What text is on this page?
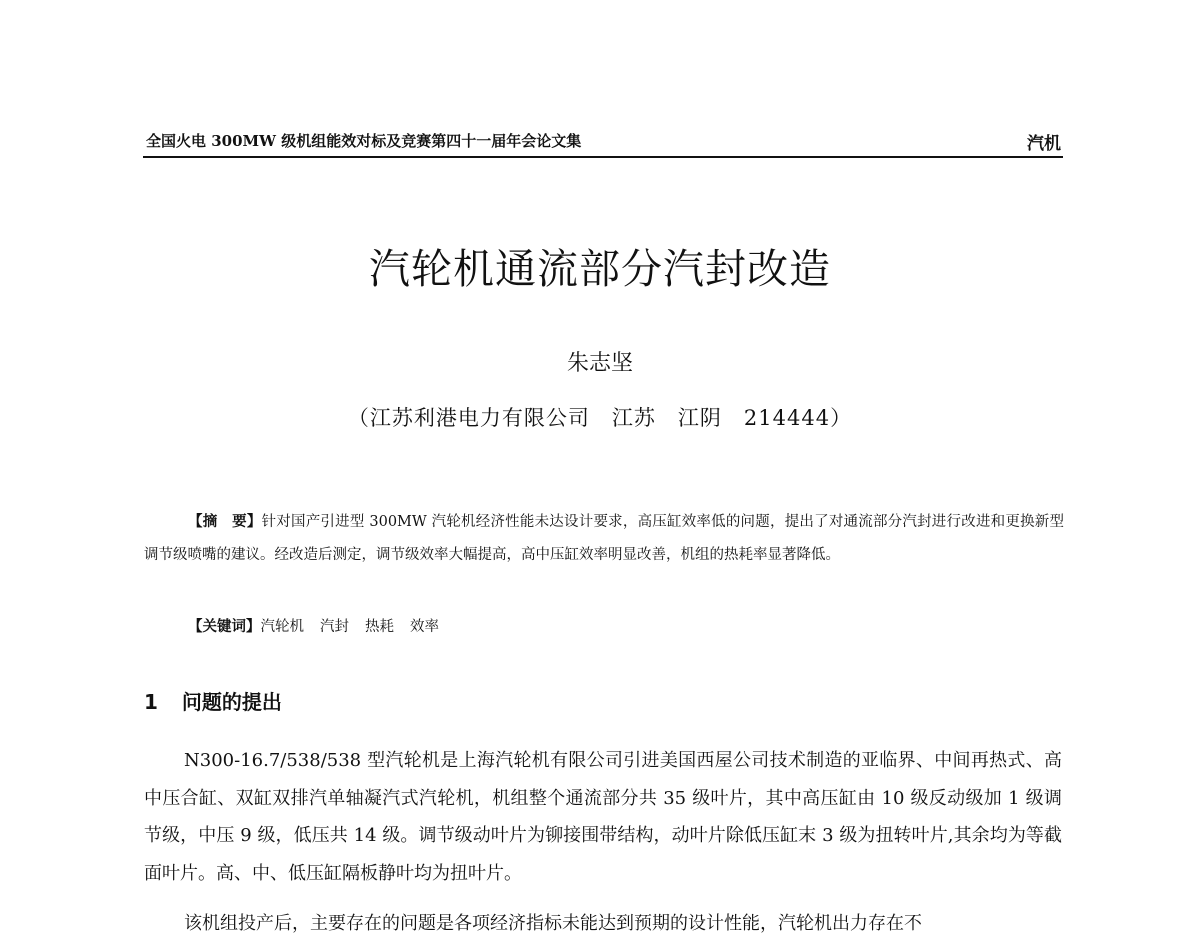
全国火电 300MW 级机组能效对标及竞赛第四十一届年会论文集	汽机
汽轮机通流部分汽封改造
朱志坚
（江苏利港电力有限公司　江苏　江阴　214444）
【摘　要】针对国产引进型 300MW 汽轮机经济性能未达设计要求，高压缸效率低的问题，提出了对通流部分汽封进行改进和更换新型调节级喷嘴的建议。经改造后测定，调节级效率大幅提高，高中压缸效率明显改善，机组的热耗率显著降低。
【关键词】汽轮机 汽封 热耗 效率
1 问题的提出
N300-16.7/538/538 型汽轮机是上海汽轮机有限公司引进美国西屋公司技术制造的亚临界、中间再热式、高中压合缸、双缸双排汽单轴凝汽式汽轮机，机组整个通流部分共 35 级叶片，其中高压缸由 10 级反动级加 1 级调节级，中压 9 级，低压共 14 级。调节级动叶片为铆接围带结构，动叶片除低压缸末 3 级为扭转叶片,其余均为等截面叶片。高、中、低压缸隔板静叶均为扭叶片。
该机组投产后，主要存在的问题是各项经济指标未能达到预期的设计性能，汽轮机出力存在不
